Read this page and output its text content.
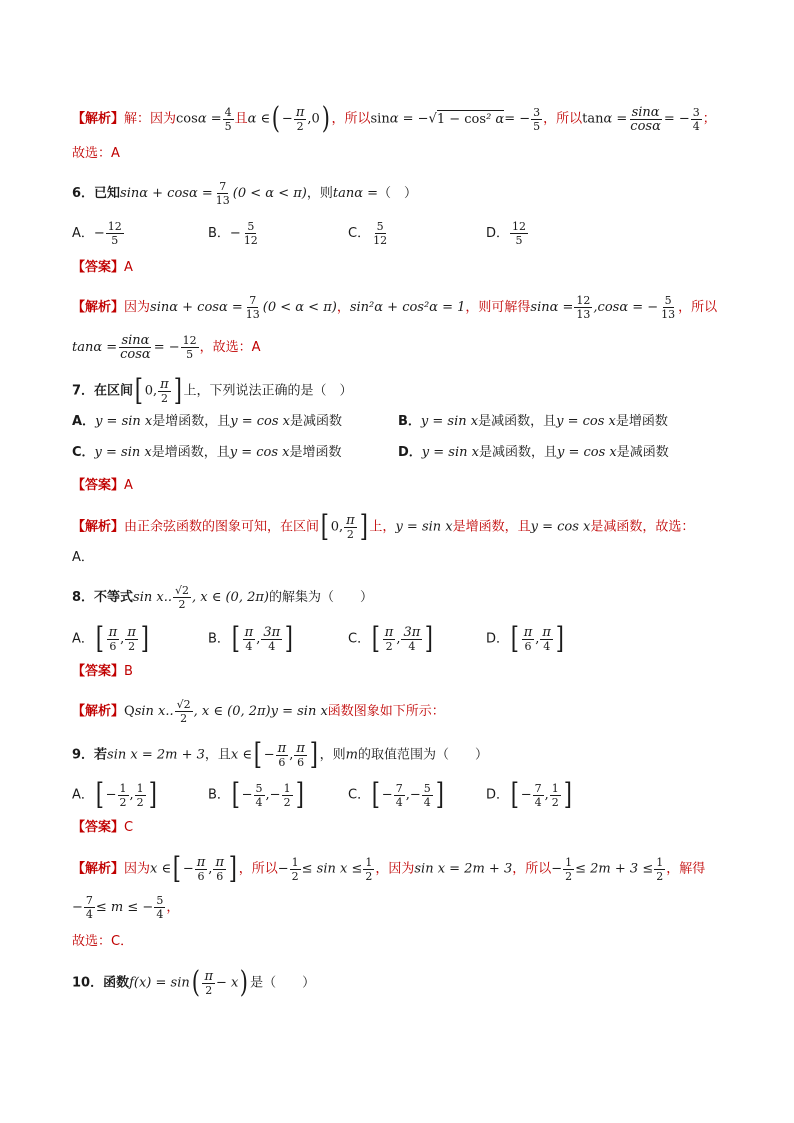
【解析】解：因为$\cos\alpha = \frac{4}{5}$ 且α ∈( − $\frac{\pi}{2} ,0$) ，所以sinα = −√1 − cos² $\alpha= - \frac{3}{5}$ ，所以$\tan\alpha = \frac{\sin\alpha}{\cos\alpha}$ = − $\frac{3}{4}$ ；
故选：A
6．已知$\sin\alpha + \cos\alpha = \frac{7}{13} (0 < \alpha < \pi)$，则tanα =（　）
A．− $\frac{12}{5}$	B．− $\frac{5}{12}$	C． $\frac{5}{12}$	D． $\frac{12}{5}$
【答案】A
【解析】因为$\sin\alpha + \cos\alpha = \frac{7}{13} (0 < \alpha < \pi)$，sin²α + cos²α = 1，则可解得$\sin\alpha = \frac{12}{13} ,\cos\alpha$ = − $\frac{5}{13}$ ，所以
$\tan\alpha = \frac{\sin\alpha}{\cos\alpha}$ = − $\frac{12}{5}$ ，故选：A
7．在区间[ 0, $\frac{\pi}{2}$ ] 上，下列说法正确的是（　）
A．y = sin x是增函数，且y = cos x是减函数	B．y = sin x是减函数，且y = cos x是增函数
C．y = sin x是增函数，且y = cos x是增函数	D．y = sin x是减函数，且y = cos x是减函数
【答案】A
【解析】由正余弦函数的图象可知，在区间[ 0, $\frac{\pi}{2}$ ] 上，y = sin x是增函数，且y = cos x是减函数，故选：
A．
8．不等式sin x.. $\frac{√2}{2}$ , x ∈ (0, 2π)的解集为（　　）
A．[ $\frac{\pi}{6}$ , $\frac{\pi}{2}$ ]	B．[ $\frac{\pi}{4}$ , $\frac{3\pi}{4}$ ]	C．[ $\frac{\pi}{2}$ , $\frac{3\pi}{4}$ ]	D．[ $\frac{\pi}{6}$ , $\frac{\pi}{4}$ ]
【答案】B
【解析】Qsin x.. $\frac{√2}{2}$ , x ∈ (0, 2π)y = sin x函数图象如下所示：
9．若sin x = 2m + 3，且x ∈[ − $\frac{\pi}{6}$ , $\frac{\pi}{6}$ ] ，则m的取值范围为（　　）
A．[ − $\frac{1}{2}$ , $\frac{1}{2}$ ]	B．[ − $\frac{5}{4}$ ,− $\frac{1}{2}$ ]	C．[ − $\frac{7}{4}$ ,− $\frac{5}{4}$ ]	D．[ − $\frac{7}{4}$ , $\frac{1}{2}$ ]
【答案】C
【解析】因为x ∈[ − $\frac{\pi}{6}$ , $\frac{\pi}{6}$ ] ，所以− $\frac{1}{2} \le \sin x \le \frac{1}{2}$ ，因为sin x = 2m + 3，所以− $\frac{1}{2} \le 2m + 3 \le \frac{1}{2}$ ，解得
− $\frac{7}{4} \le m$ ≤ − $\frac{5}{4}$ ，
故选：C．
10．函数$f(x) = \sin( \frac{\pi}{2} - x)$ 是（　　）
